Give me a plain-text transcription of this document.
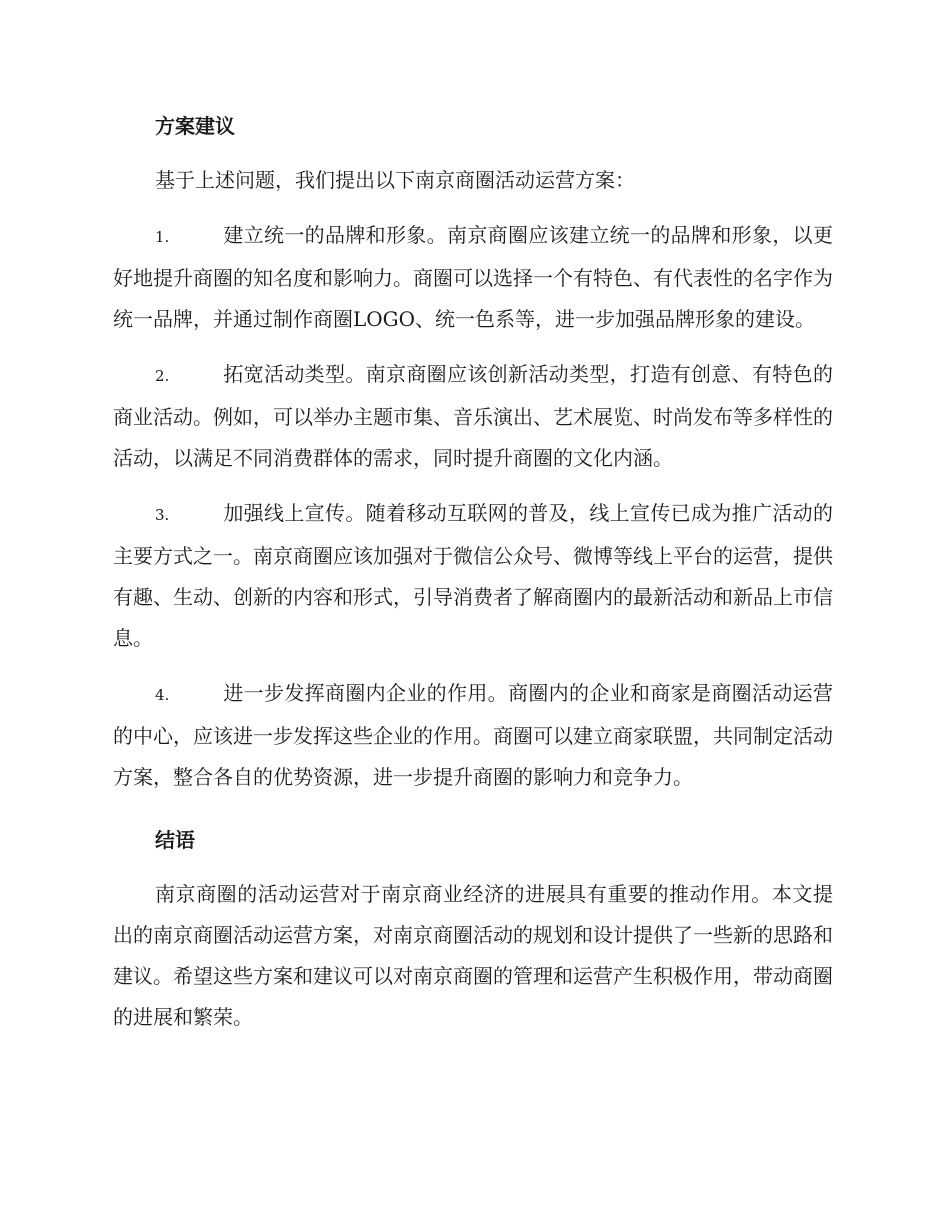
方案建议

基于上述问题，我们提出以下南京商圈活动运营方案：

1.	建立统一的品牌和形象。南京商圈应该建立统一的品牌和形象，以更好地提升商圈的知名度和影响力。商圈可以选择一个有特色、有代表性的名字作为统一品牌，并通过制作商圈LOGO、统一色系等，进一步加强品牌形象的建设。

2.	拓宽活动类型。南京商圈应该创新活动类型，打造有创意、有特色的商业活动。例如，可以举办主题市集、音乐演出、艺术展览、时尚发布等多样性的活动，以满足不同消费群体的需求，同时提升商圈的文化内涵。

3.	加强线上宣传。随着移动互联网的普及，线上宣传已成为推广活动的主要方式之一。南京商圈应该加强对于微信公众号、微博等线上平台的运营，提供有趣、生动、创新的内容和形式，引导消费者了解商圈内的最新活动和新品上市信息。

4.	进一步发挥商圈内企业的作用。商圈内的企业和商家是商圈活动运营的中心，应该进一步发挥这些企业的作用。商圈可以建立商家联盟，共同制定活动方案，整合各自的优势资源，进一步提升商圈的影响力和竞争力。

结语

南京商圈的活动运营对于南京商业经济的进展具有重要的推动作用。本文提出的南京商圈活动运营方案，对南京商圈活动的规划和设计提供了一些新的思路和建议。希望这些方案和建议可以对南京商圈的管理和运营产生积极作用，带动商圈的进展和繁荣。
